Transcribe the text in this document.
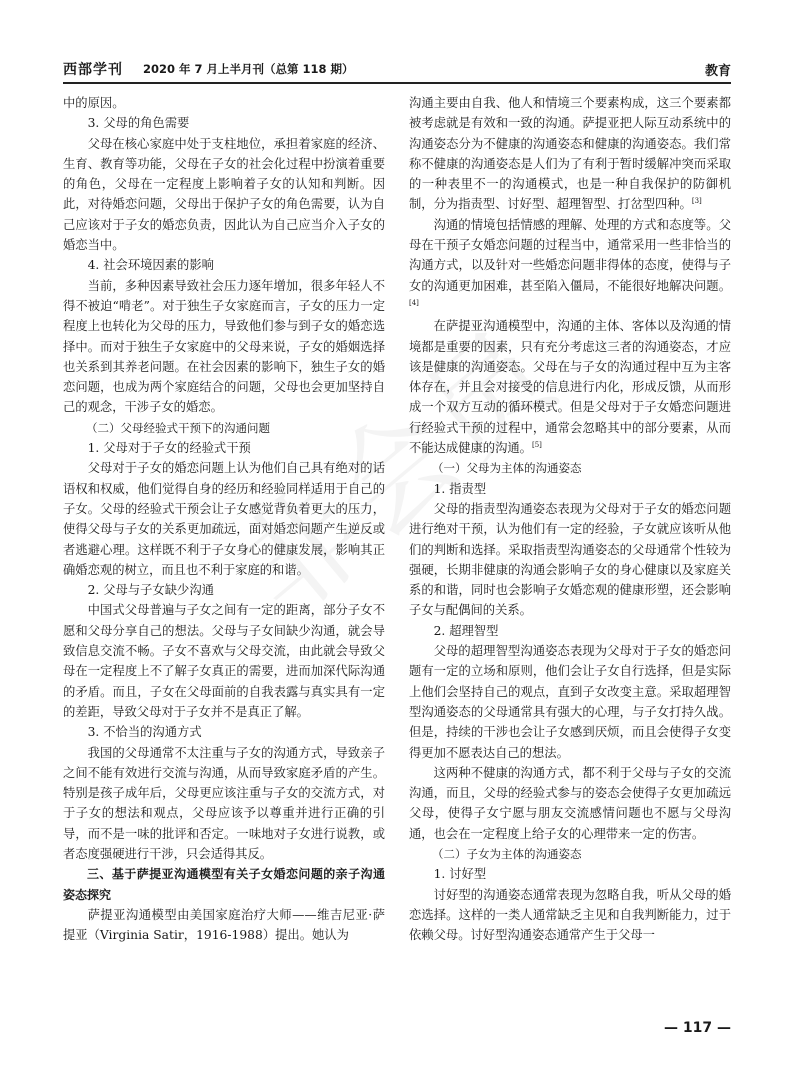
西部学刊 2020 年 7 月上半月刊（总第 118 期）	教育

中的原因。

3. 父母的角色需要

父母在核心家庭中处于支柱地位，承担着家庭的经济、生育、教育等功能，父母在子女的社会化过程中扮演着重要的角色，父母在一定程度上影响着子女的认知和判断。因此，对待婚恋问题，父母出于保护子女的角色需要，认为自己应该对于子女的婚恋负责，因此认为自己应当介入子女的婚恋当中。

4. 社会环境因素的影响

当前，多种因素导致社会压力逐年增加，很多年轻人不得不被迫“啃老”。对于独生子女家庭而言，子女的压力一定程度上也转化为父母的压力，导致他们参与到子女的婚恋选择中。而对于独生子女家庭中的父母来说，子女的婚姻选择也关系到其养老问题。在社会因素的影响下，独生子女的婚恋问题，也成为两个家庭结合的问题，父母也会更加坚持自己的观念，干涉子女的婚恋。

（二）父母经验式干预下的沟通问题

1. 父母对于子女的经验式干预

父母对于子女的婚恋问题上认为他们自己具有绝对的话语权和权威，他们觉得自身的经历和经验同样适用于自己的子女。父母的经验式干预会让子女感觉背负着更大的压力，使得父母与子女的关系更加疏远，面对婚恋问题产生逆反或者逃避心理。这样既不利于子女身心的健康发展，影响其正确婚恋观的树立，而且也不利于家庭的和谐。

2. 父母与子女缺少沟通

中国式父母普遍与子女之间有一定的距离，部分子女不愿和父母分享自己的想法。父母与子女间缺少沟通，就会导致信息交流不畅。子女不喜欢与父母交流，由此就会导致父母在一定程度上不了解子女真正的需要，进而加深代际沟通的矛盾。而且，子女在父母面前的自我表露与真实具有一定的差距，导致父母对于子女并不是真正了解。

3. 不恰当的沟通方式

我国的父母通常不太注重与子女的沟通方式，导致亲子之间不能有效进行交流与沟通，从而导致家庭矛盾的产生。特别是孩子成年后，父母更应该注重与子女的交流方式，对于子女的想法和观点，父母应该予以尊重并进行正确的引导，而不是一味的批评和否定。一味地对子女进行说教，或者态度强硬进行干涉，只会适得其反。

三、基于萨提亚沟通模型有关子女婚恋问题的亲子沟通姿态探究

萨提亚沟通模型由美国家庭治疗大师——维吉尼亚·萨提亚（Virginia Satir，1916-1988）提出。她认为

沟通主要由自我、他人和情境三个要素构成，这三个要素都被考虑就是有效和一致的沟通。萨提亚把人际互动系统中的沟通姿态分为不健康的沟通姿态和健康的沟通姿态。我们常称不健康的沟通姿态是人们为了有利于暂时缓解冲突而采取的一种表里不一的沟通模式，也是一种自我保护的防御机制，分为指责型、讨好型、超理智型、打岔型四种。[3]

沟通的情境包括情感的理解、处理的方式和态度等。父母在干预子女婚恋问题的过程当中，通常采用一些非恰当的沟通方式，以及针对一些婚恋问题非得体的态度，使得与子女的沟通更加困难，甚至陷入僵局，不能很好地解决问题。[4]

在萨提亚沟通模型中，沟通的主体、客体以及沟通的情境都是重要的因素，只有充分考虑这三者的沟通姿态，才应该是健康的沟通姿态。父母在与子女的沟通过程中互为主客体存在，并且会对接受的信息进行内化，形成反馈，从而形成一个双方互动的循环模式。但是父母对于子女婚恋问题进行经验式干预的过程中，通常会忽略其中的部分要素，从而不能达成健康的沟通。[5]

（一）父母为主体的沟通姿态

1. 指责型

父母的指责型沟通姿态表现为父母对于子女的婚恋问题进行绝对干预，认为他们有一定的经验，子女就应该听从他们的判断和选择。采取指责型沟通姿态的父母通常个性较为强硬，长期非健康的沟通会影响子女的身心健康以及家庭关系的和谐，同时也会影响子女婚恋观的健康形塑，还会影响子女与配偶间的关系。

2. 超理智型

父母的超理智型沟通姿态表现为父母对于子女的婚恋问题有一定的立场和原则，他们会让子女自行选择，但是实际上他们会坚持自己的观点，直到子女改变主意。采取超理智型沟通姿态的父母通常具有强大的心理，与子女打持久战。但是，持续的干涉也会让子女感到厌烦，而且会使得子女变得更加不愿表达自己的想法。

这两种不健康的沟通方式，都不利于父母与子女的交流沟通，而且，父母的经验式参与的姿态会使得子女更加疏远父母，使得子女宁愿与朋友交流感情问题也不愿与父母沟通，也会在一定程度上给子女的心理带来一定的伤害。

（二）子女为主体的沟通姿态

1. 讨好型

讨好型的沟通姿态通常表现为忽略自我，听从父母的婚恋选择。这样的一类人通常缺乏主见和自我判断能力，过于依赖父母。讨好型沟通姿态通常产生于父母一

— 117 —
